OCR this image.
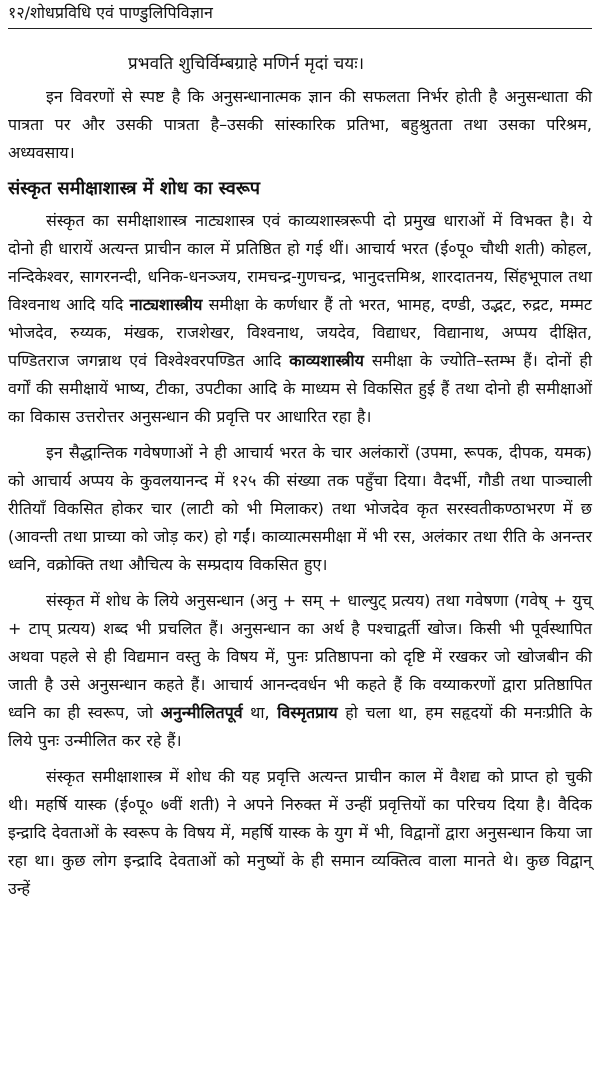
१२/शोधप्रविधि एवं पाण्डुलिपिविज्ञान
प्रभवति शुचिर्विम्बग्राहे मणिर्न मृदां चयः।

इन विवरणों से स्पष्ट है कि अनुसन्धानात्मक ज्ञान की सफलता निर्भर होती है अनुसन्धाता की पात्रता पर और उसकी पात्रता है–उसकी सांस्कारिक प्रतिभा, बहुश्रुतता तथा उसका परिश्रम, अध्यवसाय।

संस्कृत समीक्षाशास्त्र में शोध का स्वरूप

संस्कृत का समीक्षाशास्त्र नाट्यशास्त्र एवं काव्यशास्त्ररूपी दो प्रमुख धाराओं में विभक्त है। ये दोनो ही धारायें अत्यन्त प्राचीन काल में प्रतिष्ठित हो गई थीं। आचार्य भरत (ई०पू० चौथी शती) कोहल, नन्दिकेश्वर, सागरनन्दी, धनिक-धनञ्जय, रामचन्द्र-गुणचन्द्र, भानुदत्तमिश्र, शारदातनय, सिंहभूपाल तथा विश्वनाथ आदि यदि नाट्यशास्त्रीय समीक्षा के कर्णधार हैं तो भरत, भामह, दण्डी, उद्भट, रुद्रट, मम्मट भोजदेव, रुय्यक, मंखक, राजशेखर, विश्वनाथ, जयदेव, विद्याधर, विद्यानाथ, अप्पय दीक्षित, पण्डितराज जगन्नाथ एवं विश्वेश्वरपण्डित आदि काव्यशास्त्रीय समीक्षा के ज्योति–स्तम्भ हैं। दोनों ही वर्गों की समीक्षायें भाष्य, टीका, उपटीका आदि के माध्यम से विकसित हुई हैं तथा दोनो ही समीक्षाओं का विकास उत्तरोत्तर अनुसन्धान की प्रवृत्ति पर आधारित रहा है।

इन सैद्धान्तिक गवेषणाओं ने ही आचार्य भरत के चार अलंकारों (उपमा, रूपक, दीपक, यमक) को आचार्य अप्पय के कुवलयानन्द में १२५ की संख्या तक पहुँचा दिया। वैदर्भी, गौडी तथा पाञ्चाली रीतियाँ विकसित होकर चार (लाटी को भी मिलाकर) तथा भोजदेव कृत सरस्वतीकण्ठाभरण में छ (आवन्ती तथा प्राच्या को जोड़ कर) हो गईं। काव्यात्मसमीक्षा में भी रस, अलंकार तथा रीति के अनन्तर ध्वनि, वक्रोक्ति तथा औचित्य के सम्प्रदाय विकसित हुए।

संस्कृत में शोध के लिये अनुसन्धान (अनु + सम् + धाल्युट् प्रत्यय) तथा गवेषणा (गवेष् + युच् + टाप् प्रत्यय) शब्द भी प्रचलित हैं। अनुसन्धान का अर्थ है पश्चाद्वर्ती खोज। किसी भी पूर्वस्थापित अथवा पहले से ही विद्यमान वस्तु के विषय में, पुनः प्रतिष्ठापना को दृष्टि में रखकर जो खोजबीन की जाती है उसे अनुसन्धान कहते हैं। आचार्य आनन्दवर्धन भी कहते हैं कि वय्याकरणों द्वारा प्रतिष्ठापित ध्वनि का ही स्वरूप, जो अनुन्मीलितपूर्व था, विस्मृतप्राय हो चला था, हम सहृदयों की मनःप्रीति के लिये पुनः उन्मीलित कर रहे हैं।

संस्कृत समीक्षाशास्त्र में शोध की यह प्रवृत्ति अत्यन्त प्राचीन काल में वैशद्य को प्राप्त हो चुकी थी। महर्षि यास्क (ई०पू० ७वीं शती) ने अपने निरुक्त में उन्हीं प्रवृत्तियों का परिचय दिया है। वैदिक इन्द्रादि देवताओं के स्वरूप के विषय में, महर्षि यास्क के युग में भी, विद्वानों द्वारा अनुसन्धान किया जा रहा था। कुछ लोग इन्द्रादि देवताओं को मनुष्यों के ही समान व्यक्तित्व वाला मानते थे। कुछ विद्वान् उन्हें
